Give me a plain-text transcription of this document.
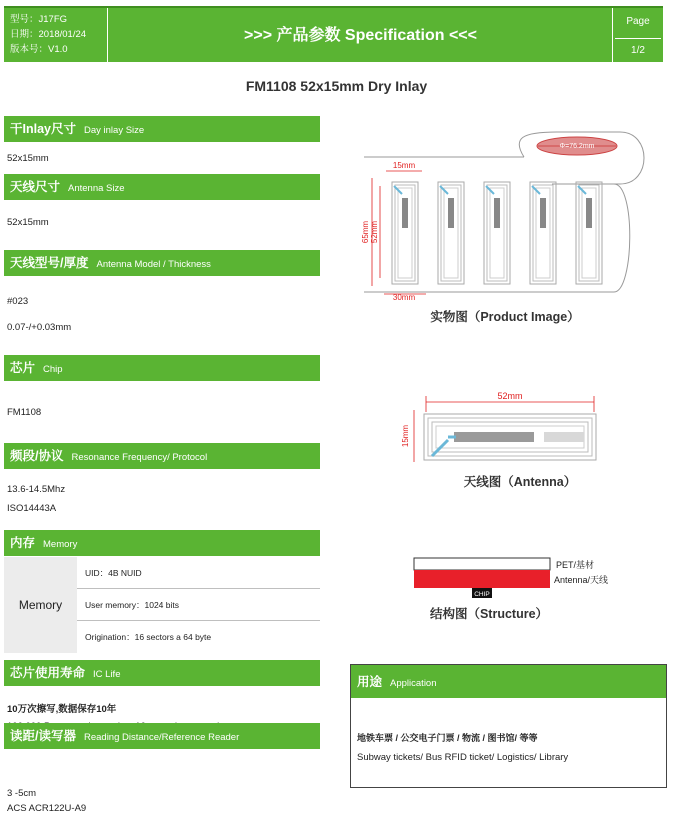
型号：J17FG
日期：2018/01/24
版本号：V1.0
>>> 产品参数 Specification <<<
Page
1/2
FM1108 52x15mm Dry Inlay
干Inlay尺寸 Day inlay Size
52x15mm
天线尺寸 Antenna Size
52x15mm
天线型号/厚度 Antenna Model / Thickness
#023
0.07-/+0.03mm
芯片 Chip
FM1108
频段/协议 Resonance Frequency/ Protocol
13.6-14.5Mhz
ISO14443A
内存 Memory
Memory
UID：4B NUID
User memory：1024 bits
Origination：16 sectors a 64 byte
芯片使用寿命 IC Life
10万次擦写,数据保存10年
读距/读写器 Reading Distance/Reference Reader
3 -5cm
ACS ACR122U-A9
Φ=76.2mm
15mm
30mm
65mm 52mm
实物图（Product Image）
52mm
15mm
天线图（Antenna）
CHIP
PET/基材
Antenna/天线
结构图（Structure）
用途 Application
地铁车票 / 公交电子门票 / 物流 / 图书馆/ 等等
Subway tickets/ Bus RFID ticket/ Logistics/ Library
